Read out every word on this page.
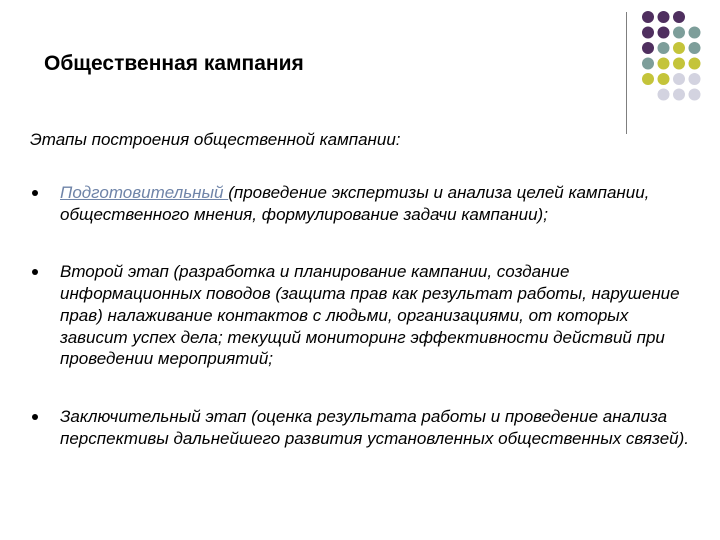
Общественная кампания

Этапы построения общественной кампании:

Подготовительный (проведение экспертизы и анализа целей кампании, общественного мнения, формулирование задачи кампании);
Второй этап (разработка и планирование кампании, создание информационных поводов (защита прав как результат работы, нарушение прав) налаживание контактов с людьми, организациями, от которых зависит успех дела; текущий мониторинг эффективности действий при проведении мероприятий;
Заключительный этап (оценка результата работы и проведение анализа перспективы дальнейшего развития установленных общественных связей).
